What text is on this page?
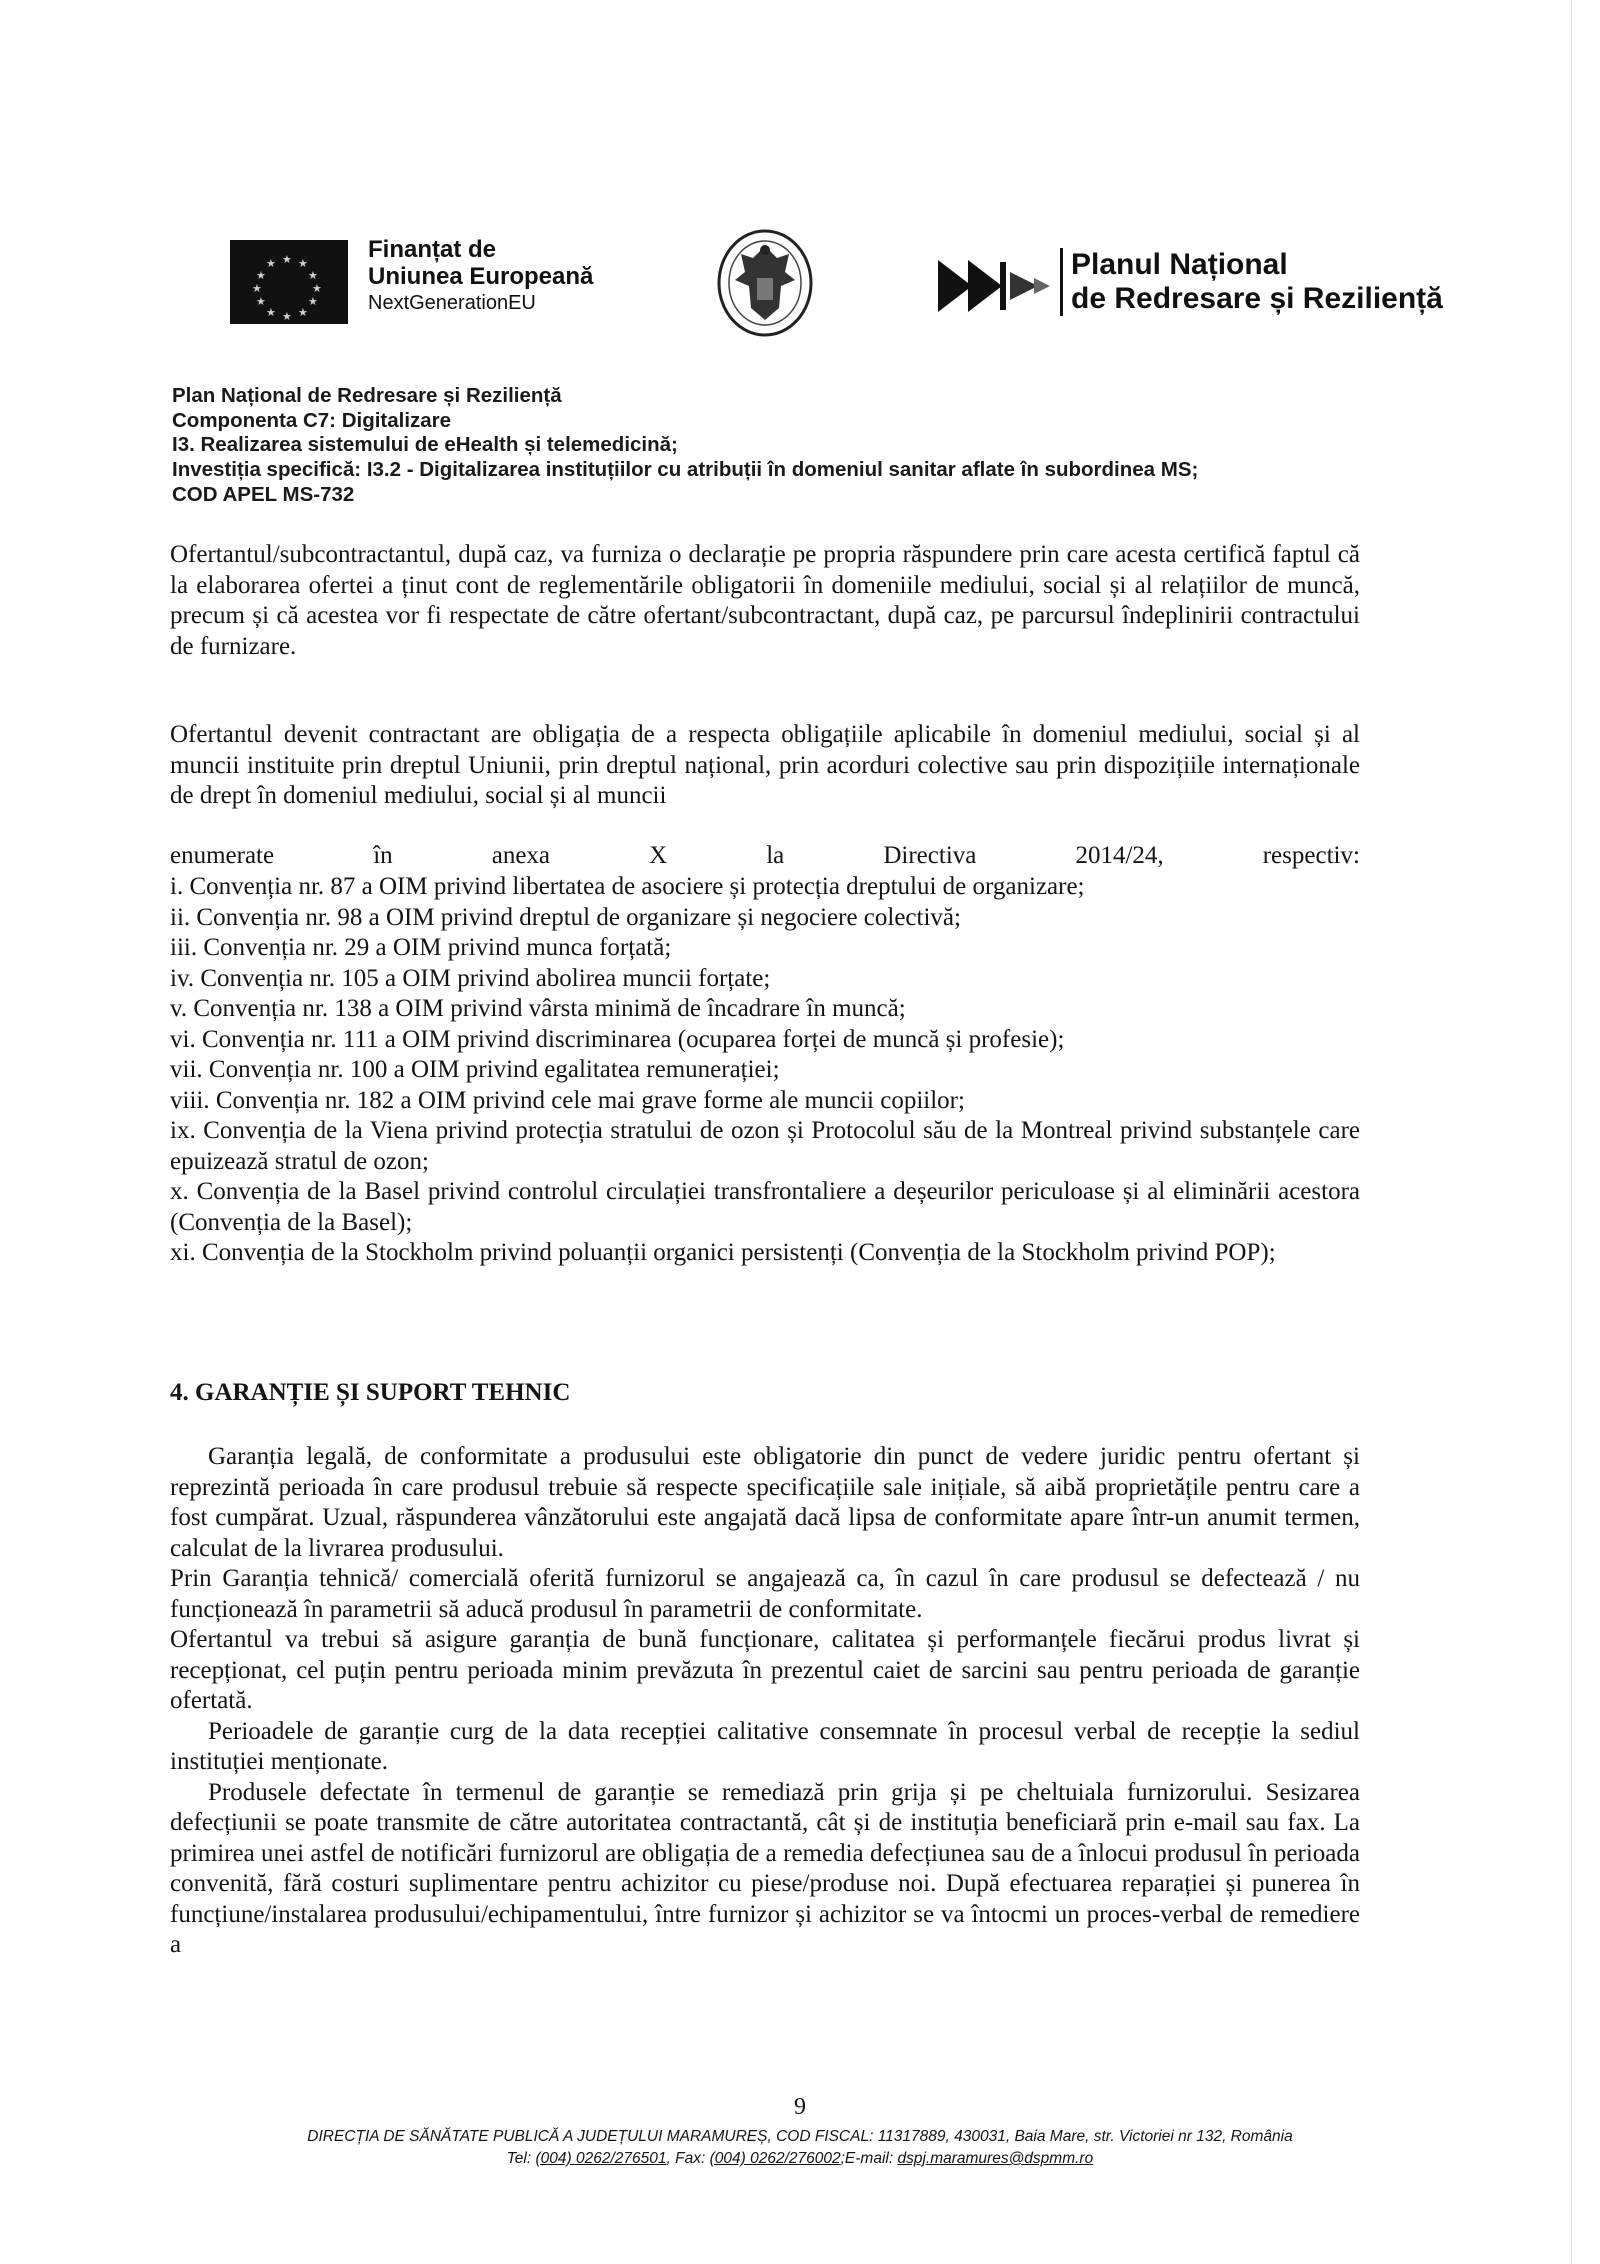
★ ★
★
★
★
★
★
★
★
★
★
★
Finanțat de
Uniunea Europeană
NextGenerationEU
Planul Național
de Redresare și Reziliență
Plan Național de Redresare și Reziliență
Componenta C7: Digitalizare
I3. Realizarea sistemului de eHealth și telemedicină;
Investiția specifică: I3.2 - Digitalizarea instituțiilor cu atribuții în domeniul sanitar aflate în subordinea MS;
COD APEL MS-732
Ofertantul/subcontractantul, după caz, va furniza o declarație pe propria răspundere prin care acesta certifică faptul că la elaborarea ofertei a ținut cont de reglementările obligatorii în domeniile mediului, social și al relațiilor de muncă, precum și că acestea vor fi respectate de către ofertant/subcontractant, după caz, pe parcursul îndeplinirii contractului de furnizare.
Ofertantul devenit contractant are obligația de a respecta obligațiile aplicabile în domeniul mediului, social și al muncii instituite prin dreptul Uniunii, prin dreptul național, prin acorduri colective sau prin dispozițiile internaționale de drept în domeniul mediului, social și al muncii
enumerate	în	anexa	X	la	Directiva	2014/24,	respectiv:
i. Convenția nr. 87 a OIM privind libertatea de asociere și protecția dreptului de organizare;
ii. Convenția nr. 98 a OIM privind dreptul de organizare și negociere colectivă;
iii. Convenția nr. 29 a OIM privind munca forțată;
iv. Convenția nr. 105 a OIM privind abolirea muncii forțate;
v. Convenția nr. 138 a OIM privind vârsta minimă de încadrare în muncă;
vi. Convenția nr. 111 a OIM privind discriminarea (ocuparea forței de muncă și profesie);
vii. Convenția nr. 100 a OIM privind egalitatea remunerației;
viii. Convenția nr. 182 a OIM privind cele mai grave forme ale muncii copiilor;
ix. Convenția de la Viena privind protecția stratului de ozon și Protocolul său de la Montreal privind substanțele care epuizează stratul de ozon;
x. Convenția de la Basel privind controlul circulației transfrontaliere a deșeurilor periculoase și al eliminării acestora (Convenția de la Basel);
xi. Convenția de la Stockholm privind poluanții organici persistenți (Convenția de la Stockholm privind POP);
4. GARANȚIE ȘI SUPORT TEHNIC
Garanția legală, de conformitate a produsului este obligatorie din punct de vedere juridic pentru ofertant și reprezintă perioada în care produsul trebuie să respecte specificațiile sale inițiale, să aibă proprietățile pentru care a fost cumpărat. Uzual, răspunderea vânzătorului este angajată dacă lipsa de conformitate apare într-un anumit termen, calculat de la livrarea produsului.
Prin Garanția tehnică/ comercială oferită furnizorul se angajează ca, în cazul în care produsul se defectează / nu funcționează în parametrii să aducă produsul în parametrii de conformitate.
Ofertantul va trebui să asigure garanția de bună funcționare, calitatea și performanțele fiecărui produs livrat și recepționat, cel puțin pentru perioada minim prevăzuta în prezentul caiet de sarcini sau pentru perioada de garanție ofertată.
Perioadele de garanție curg de la data recepției calitative consemnate în procesul verbal de recepție la sediul instituției menționate.
Produsele defectate în termenul de garanție se remediază prin grija și pe cheltuiala furnizorului. Sesizarea defecțiunii se poate transmite de către autoritatea contractantă, cât și de instituția beneficiară prin e-mail sau fax. La primirea unei astfel de notificări furnizorul are obligația de a remedia defecțiunea sau de a înlocui produsul în perioada convenită, fără costuri suplimentare pentru achizitor cu piese/produse noi. După efectuarea reparației și punerea în funcțiune/instalarea produsului/echipamentului, între furnizor și achizitor se va întocmi un proces-verbal de remediere a
9
DIRECȚIA DE SĂNĂTATE PUBLICĂ A JUDEȚULUI MARAMUREȘ, COD FISCAL: 11317889, 430031, Baia Mare, str. Victoriei nr 132, România
Tel: (004) 0262/276501, Fax: (004) 0262/276002;E-mail: dspj.maramures@dspmm.ro
